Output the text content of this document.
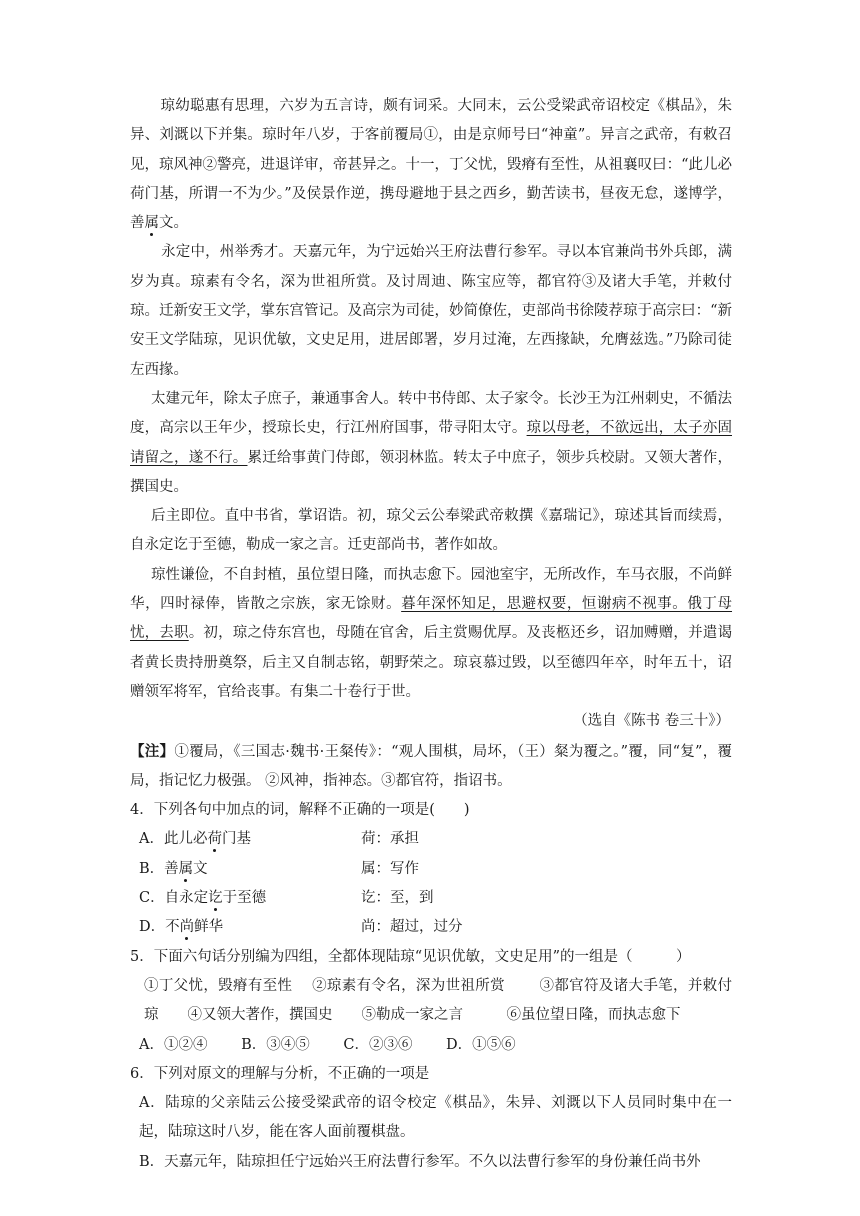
琼幼聪惠有思理，六岁为五言诗，颇有词采。大同末，云公受梁武帝诏校定《棋品》，朱异、刘溉以下并集。琼时年八岁，于客前覆局①，由是京师号曰“神童”。异言之武帝，有敕召见，琼风神②警亮，进退详审，帝甚异之。十一，丁父忧，毁瘠有至性，从祖襄叹曰：“此儿必荷门基，所谓一不为少。”及侯景作逆，携母避地于县之西乡，勤苦读书，昼夜无怠，遂博学，善属文。

永定中，州举秀才。天嘉元年，为宁远始兴王府法曹行参军。寻以本官兼尚书外兵郎，满岁为真。琼素有令名，深为世祖所赏。及讨周迪、陈宝应等，都官符③及诸大手笔，并敕付琼。迁新安王文学，掌东宫管记。及高宗为司徒，妙简僚佐，吏部尚书徐陵荐琼于高宗曰：“新安王文学陆琼，见识优敏，文史足用，进居郎署，岁月过淹，左西掾缺，允膺兹选。”乃除司徒左西掾。

太建元年，除太子庶子，兼通事舍人。转中书侍郎、太子家令。长沙王为江州刺史，不循法度，高宗以王年少，授琼长史，行江州府国事，带寻阳太守。琼以母老，不欲远出，太子亦固请留之，遂不行。累迁给事黄门侍郎，领羽林监。转太子中庶子，领步兵校尉。又领大著作，撰国史。

后主即位。直中书省，掌诏诰。初，琼父云公奉梁武帝敕撰《嘉瑞记》，琼述其旨而续焉，自永定讫于至德，勒成一家之言。迁吏部尚书，著作如故。

琼性谦俭，不自封植，虽位望日隆，而执志愈下。园池室宇，无所改作，车马衣服，不尚鲜华，四时禄俸，皆散之宗族，家无馀财。暮年深怀知足，思避权要，恒谢病不视事。俄丁母忧，去职。初，琼之侍东宫也，母随在官舍，后主赏赐优厚。及丧柩还乡，诏加赙赠，并遣谒者黄长贵持册奠祭，后主又自制志铭，朝野荣之。琼哀慕过毁，以至德四年卒，时年五十，诏赠领军将军，官给丧事。有集二十卷行于世。

（选自《陈书 卷三十》）

【注】①覆局，《三国志·魏书·王粲传》：“观人围棋，局坏，（王）粲为覆之。”覆，同“复”，覆局，指记忆力极强。 ②风神，指神态。③都官符，指诏书。

4．下列各句中加点的词，解释不正确的一项是(　　)

A．此儿必荷门基	荷：承担
B．善属文	属：写作
C．自永定讫于至德	讫：至，到
D．不尚鲜华	尚：超过，过分

5．下面六句话分别编为四组，全都体现陆琼“见识优敏，文史足用”的一组是（　　　）

①丁父忧，毁瘠有至性　 ②琼素有令名，深为世祖所赏　　 ③都官符及诸大手笔，并敕付琼　　④又领大著作，撰国史　　⑤勒成一家之言　　　⑥虽位望日隆，而执志愈下

A．①②④　　 B．③④⑤　　 C．②③⑥　　 D．①⑤⑥

6．下列对原文的理解与分析，不正确的一项是

A．陆琼的父亲陆云公接受梁武帝的诏令校定《棋品》，朱异、刘溉以下人员同时集中在一起，陆琼这时八岁，能在客人面前覆棋盘。

B．天嘉元年，陆琼担任宁远始兴王府法曹行参军。不久以法曹行参军的身份兼任尚书外
